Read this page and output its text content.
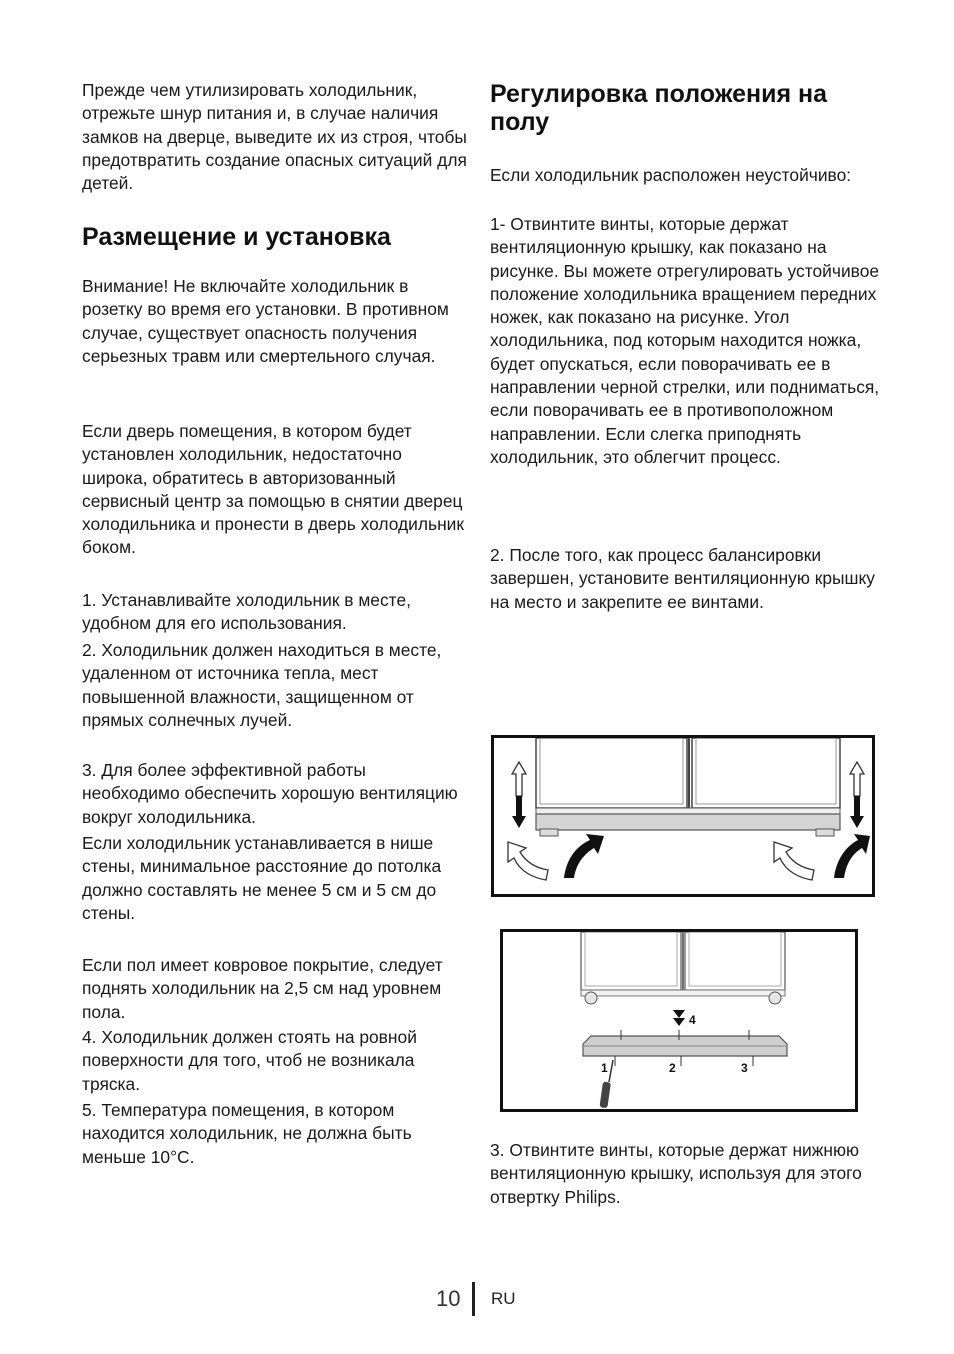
Прежде чем утилизировать холодильник, отрежьте шнур питания и, в случае наличия замков на дверце, выведите их из строя, чтобы предотвратить создание опасных ситуаций для детей.

Размещение и установка

Внимание! Не включайте холодильник в розетку во время его установки. В противном случае, существует опасность получения серьезных травм или смертельного случая.

Если дверь помещения, в котором будет установлен холодильник, недостаточно широка, обратитесь в авторизованный сервисный центр за помощью в снятии дверец холодильника и пронести в дверь холодильник боком.

1. Устанавливайте холодильник в месте, удобном для его использования.

2. Холодильник должен находиться в месте, удаленном от источника тепла, мест повышенной влажности, защищенном от прямых солнечных лучей.

3. Для более эффективной работы необходимо обеспечить хорошую вентиляцию вокруг холодильника.

Если холодильник устанавливается в нише стены, минимальное расстояние до потолка должно составлять не менее 5 см и 5 см до стены.

Если пол имеет ковровое покрытие, следует поднять холодильник на 2,5 см над уровнем пола.

4. Холодильник должен стоять на ровной поверхности для того, чтоб не возникала тряска.

5. Температура помещения, в котором находится холодильник, не должна быть меньше 10°C.

Регулировка положения на полу

Если холодильник расположен неустойчиво:

1- Отвинтите винты, которые держат вентиляционную крышку, как показано на рисунке. Вы можете отрегулировать устойчивое положение холодильника вращением передних ножек, как показано на рисунке. Угол холодильника, под которым находится ножка, будет опускаться, если поворачивать ее в направлении черной стрелки, или подниматься, если поворачивать ее в противоположном направлении. Если слегка приподнять холодильник, это облегчит процесс.

2. После того, как процесс балансировки завершен, установите вентиляционную крышку на место и закрепите ее винтами.

4
1	2	3

3. Отвинтите винты, которые держат нижнюю вентиляционную крышку, используя для этого отвертку Philips.

10 RU
